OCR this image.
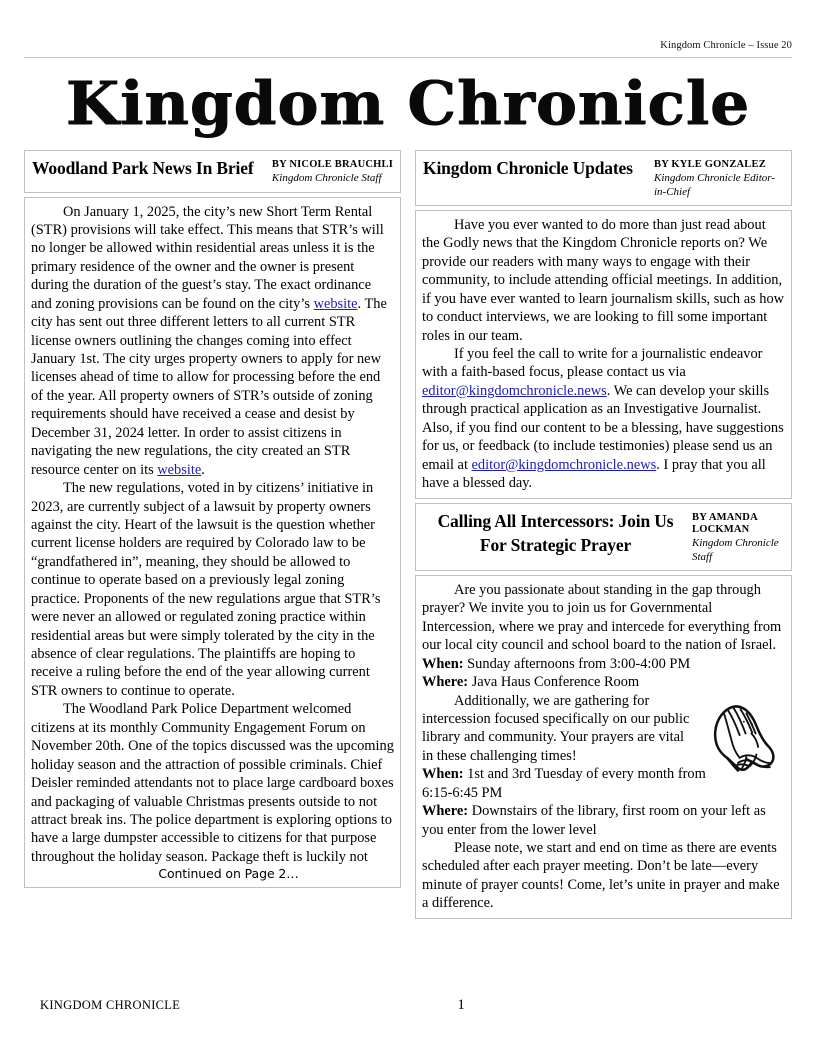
Kingdom Chronicle – Issue 20
Kingdom Chronicle
Woodland Park News In Brief	BY NICOLE BRAUCHLI
Kingdom Chronicle Staff

On January 1, 2025, the city’s new Short Term Rental (STR) provisions will take effect. This means that STR’s will no longer be allowed within residential areas unless it is the primary residence of the owner and the owner is present during the duration of the guest’s stay. The exact ordinance and zoning provisions can be found on the city’s website. The city has sent out three different letters to all current STR license owners outlining the changes coming into effect January 1st. The city urges property owners to apply for new licenses ahead of time to allow for processing before the end of the year. All property owners of STR’s outside of zoning requirements should have received a cease and desist by December 31, 2024 letter. In order to assist citizens in navigating the new regulations, the city created an STR resource center on its website.

The new regulations, voted in by citizens’ initiative in 2023, are currently subject of a lawsuit by property owners against the city. Heart of the lawsuit is the question whether current license holders are required by Colorado law to be “grandfathered in”, meaning, they should be allowed to continue to operate based on a previously legal zoning practice. Proponents of the new regulations argue that STR’s were never an allowed or regulated zoning practice within residential areas but were simply tolerated by the city in the absence of clear regulations. The plaintiffs are hoping to receive a ruling before the end of the year allowing current STR owners to continue to operate.

The Woodland Park Police Department welcomed citizens at its monthly Community Engagement Forum on November 20th. One of the topics discussed was the upcoming holiday season and the attraction of possible criminals. Chief Deisler reminded attendants not to place large cardboard boxes and packaging of valuable Christmas presents outside to not attract break ins. The police department is exploring options to have a large dumpster accessible to citizens for that purpose throughout the holiday season. Package theft is luckily not

Continued on Page 2…

Kingdom Chronicle Updates	BY KYLE GONZALEZ
Kingdom Chronicle Editor-in-Chief

Have you ever wanted to do more than just read about the Godly news that the Kingdom Chronicle reports on? We provide our readers with many ways to engage with their community, to include attending official meetings. In addition, if you have ever wanted to learn journalism skills, such as how to conduct interviews, we are looking to fill some important roles in our team.

If you feel the call to write for a journalistic endeavor with a faith-based focus, please contact us via editor@kingdomchronicle.news. We can develop your skills through practical application as an Investigative Journalist. Also, if you find our content to be a blessing, have suggestions for us, or feedback (to include testimonies) please send us an email at editor@kingdomchronicle.news. I pray that you all have a blessed day.

Calling All Intercessors: Join Us For Strategic Prayer
BY AMANDA LOCKMAN
Kingdom Chronicle Staff

Are you passionate about standing in the gap through prayer? We invite you to join us for Governmental Intercession, where we pray and intercede for everything from our local city council and school board to the nation of Israel.

When: Sunday afternoons from 3:00-4:00 PM

Where: Java Haus Conference Room

Additionally, we are gathering for intercession focused specifically on our public library and community. Your prayers are vital in these challenging times!

When: 1st and 3rd Tuesday of every month from 6:15-6:45 PM

Where: Downstairs of the library, first room on your left as you enter from the lower level

Please note, we start and end on time as there are events scheduled after each prayer meeting. Don’t be late—every minute of prayer counts! Come, let’s unite in prayer and make a difference.

KINGDOM CHRONICLE	1
